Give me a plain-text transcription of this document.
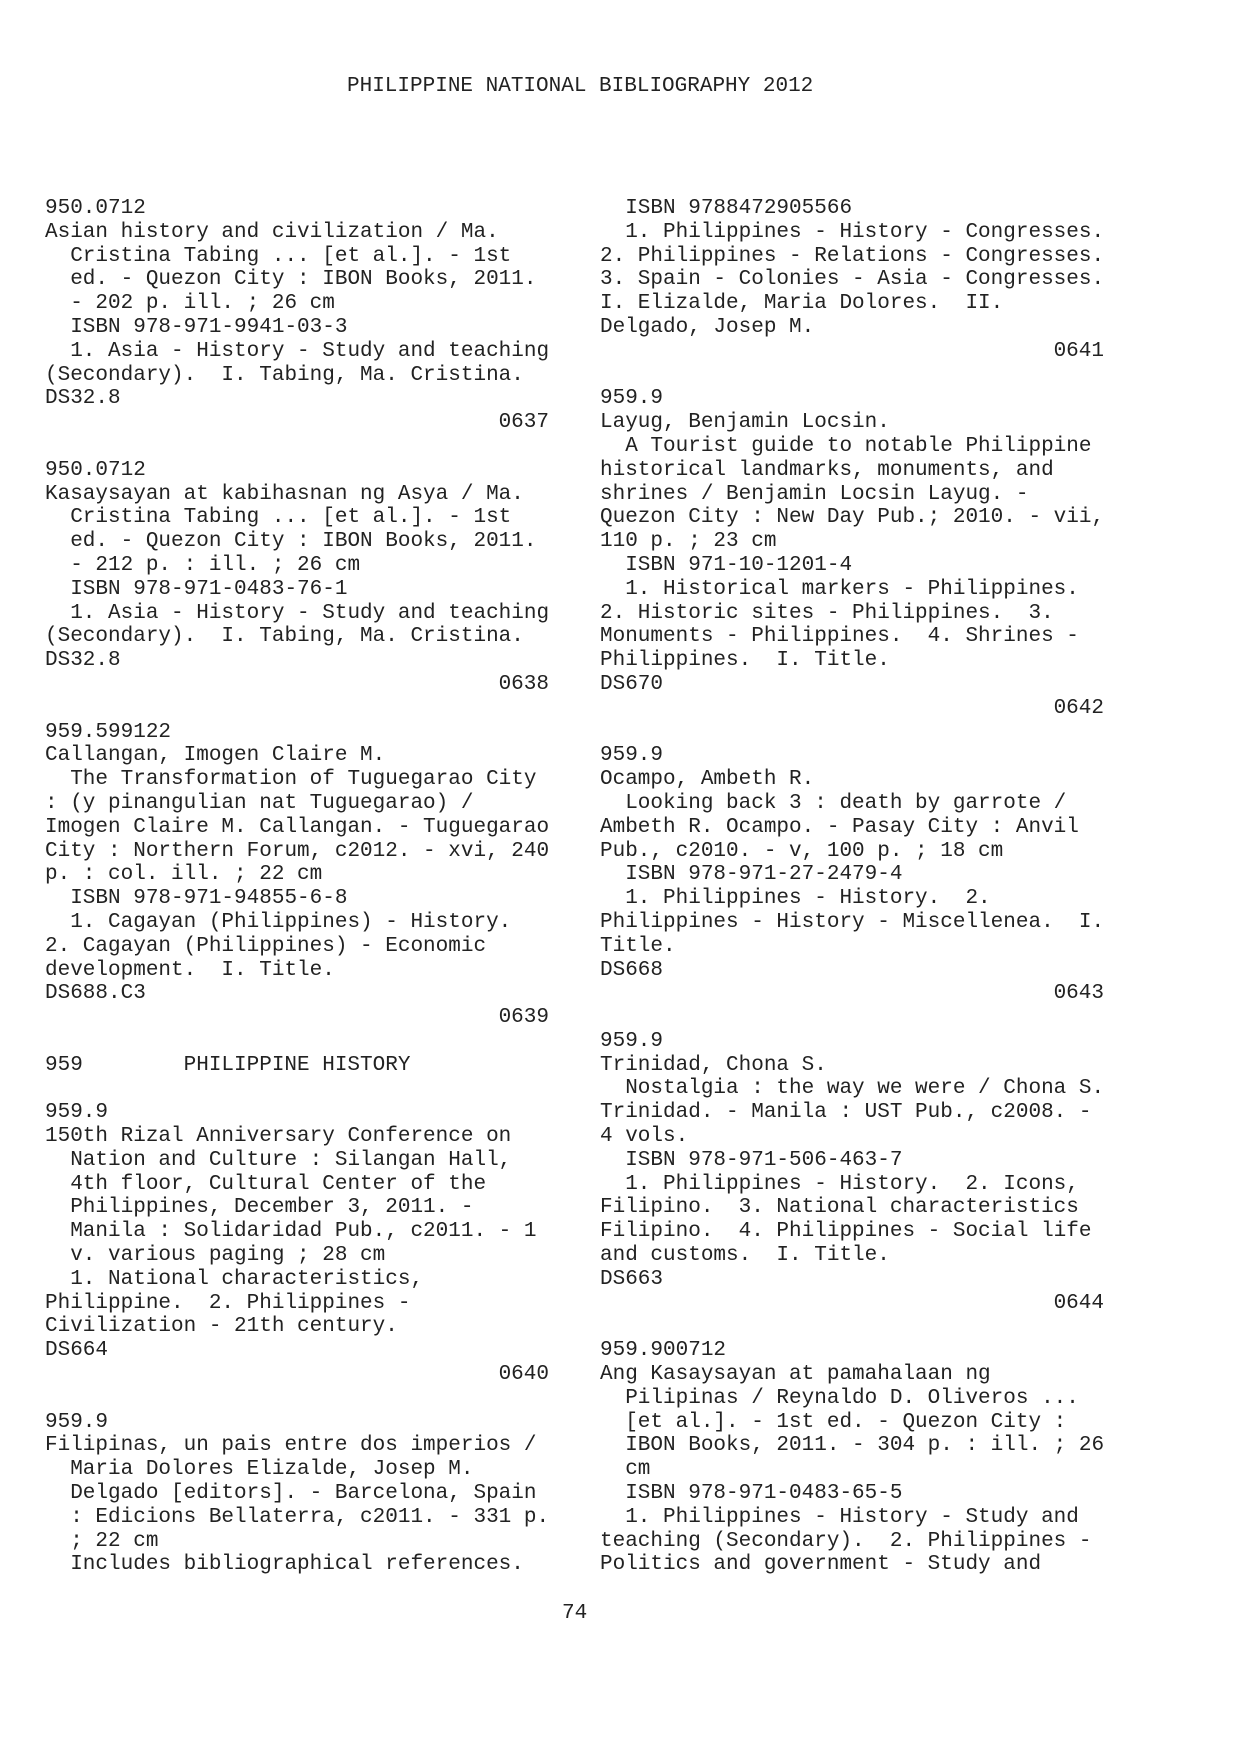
PHILIPPINE NATIONAL BIBLIOGRAPHY 2012
950.0712
Asian history and civilization / Ma.
Cristina Tabing ... [et al.]. - 1st
ed. - Quezon City : IBON Books, 2011.
- 202 p. ill. ; 26 cm
ISBN 978-971-9941-03-3
1. Asia - History - Study and teaching
(Secondary).  I. Tabing, Ma. Cristina.
DS32.8
0637
950.0712
Kasaysayan at kabihasnan ng Asya / Ma.
Cristina Tabing ... [et al.]. - 1st
ed. - Quezon City : IBON Books, 2011.
- 212 p. : ill. ; 26 cm
ISBN 978-971-0483-76-1
1. Asia - History - Study and teaching
(Secondary).  I. Tabing, Ma. Cristina.
DS32.8
0638
959.599122
Callangan, Imogen Claire M.
The Transformation of Tuguegarao City
: (y pinangulian nat Tuguegarao) /
Imogen Claire M. Callangan. - Tuguegarao
City : Northern Forum, c2012. - xvi, 240
p. : col. ill. ; 22 cm
ISBN 978-971-94855-6-8
1. Cagayan (Philippines) - History.
2. Cagayan (Philippines) - Economic
development.  I. Title.
DS688.C3
0639
959	PHILIPPINE HISTORY
959.9
150th Rizal Anniversary Conference on
Nation and Culture : Silangan Hall,
4th floor, Cultural Center of the
Philippines, December 3, 2011. -
Manila : Solidaridad Pub., c2011. - 1
v. various paging ; 28 cm
1. National characteristics,
Philippine.  2. Philippines -
Civilization - 21th century.
DS664
0640
959.9
Filipinas, un pais entre dos imperios /
Maria Dolores Elizalde, Josep M.
Delgado [editors]. - Barcelona, Spain
: Edicions Bellaterra, c2011. - 331 p.
; 22 cm
Includes bibliographical references.
ISBN 9788472905566
1. Philippines - History - Congresses.
2. Philippines - Relations - Congresses.
3. Spain - Colonies - Asia - Congresses.
I. Elizalde, Maria Dolores.  II.
Delgado, Josep M.
0641
959.9
Layug, Benjamin Locsin.
A Tourist guide to notable Philippine
historical landmarks, monuments, and
shrines / Benjamin Locsin Layug. -
Quezon City : New Day Pub.; 2010. - vii,
110 p. ; 23 cm
ISBN 971-10-1201-4
1. Historical markers - Philippines.
2. Historic sites - Philippines.  3.
Monuments - Philippines.  4. Shrines -
Philippines.  I. Title.
DS670
0642
959.9
Ocampo, Ambeth R.
Looking back 3 : death by garrote /
Ambeth R. Ocampo. - Pasay City : Anvil
Pub., c2010. - v, 100 p. ; 18 cm
ISBN 978-971-27-2479-4
1. Philippines - History.  2.
Philippines - History - Miscellenea.  I.
Title.
DS668
0643
959.9
Trinidad, Chona S.
Nostalgia : the way we were / Chona S.
Trinidad. - Manila : UST Pub., c2008. -
4 vols.
ISBN 978-971-506-463-7
1. Philippines - History.  2. Icons,
Filipino.  3. National characteristics
Filipino.  4. Philippines - Social life
and customs.  I. Title.
DS663
0644
959.900712
Ang Kasaysayan at pamahalaan ng
Pilipinas / Reynaldo D. Oliveros ...
[et al.]. - 1st ed. - Quezon City :
IBON Books, 2011. - 304 p. : ill. ; 26
cm
ISBN 978-971-0483-65-5
1. Philippines - History - Study and
teaching (Secondary).  2. Philippines -
Politics and government - Study and
74
